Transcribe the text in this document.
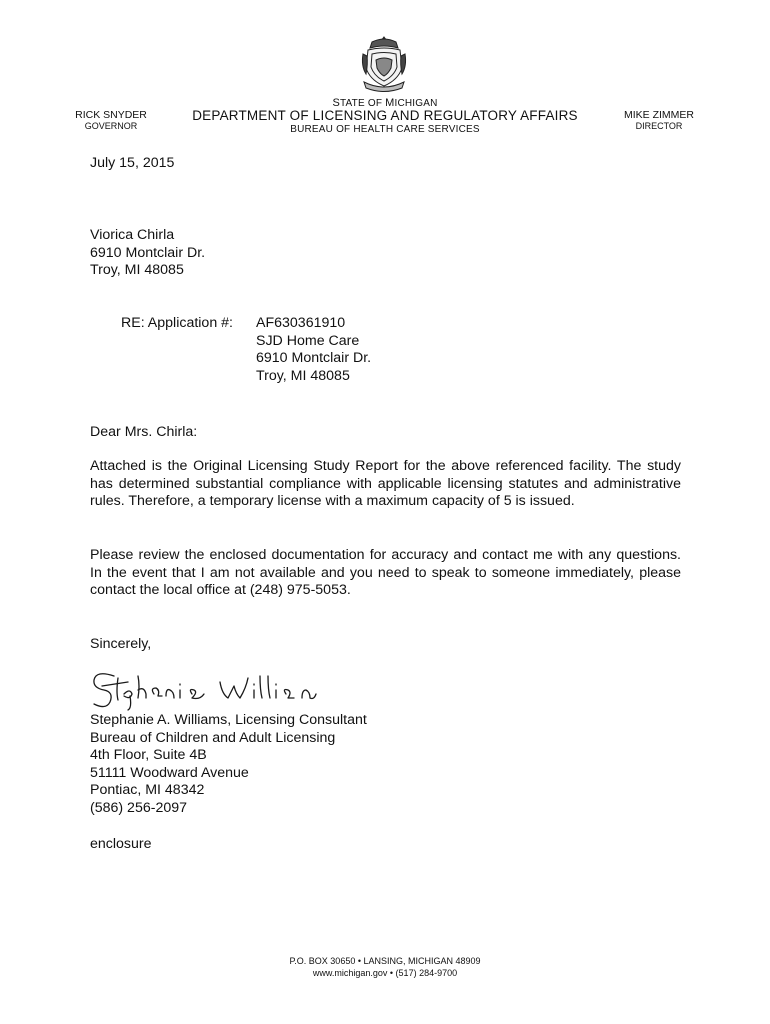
STATE OF MICHIGAN
DEPARTMENT OF LICENSING AND REGULATORY AFFAIRS
BUREAU OF HEALTH CARE SERVICES
RICK SNYDER
GOVERNOR
MIKE ZIMMER
DIRECTOR
July 15, 2015
Viorica Chirla
6910 Montclair Dr.
Troy, MI 48085
RE: Application #: AF630361910
SJD Home Care
6910 Montclair Dr.
Troy, MI 48085
Dear Mrs. Chirla:
Attached is the Original Licensing Study Report for the above referenced facility. The study has determined substantial compliance with applicable licensing statutes and administrative rules. Therefore, a temporary license with a maximum capacity of 5 is issued.
Please review the enclosed documentation for accuracy and contact me with any questions. In the event that I am not available and you need to speak to someone immediately, please contact the local office at (248) 975-5053.
Sincerely,
Stephanie A. Williams, Licensing Consultant
Bureau of Children and Adult Licensing
4th Floor, Suite 4B
51111 Woodward Avenue
Pontiac, MI 48342
(586) 256-2097
enclosure
P.O. BOX 30650 • LANSING, MICHIGAN 48909
www.michigan.gov • (517) 284-9700
